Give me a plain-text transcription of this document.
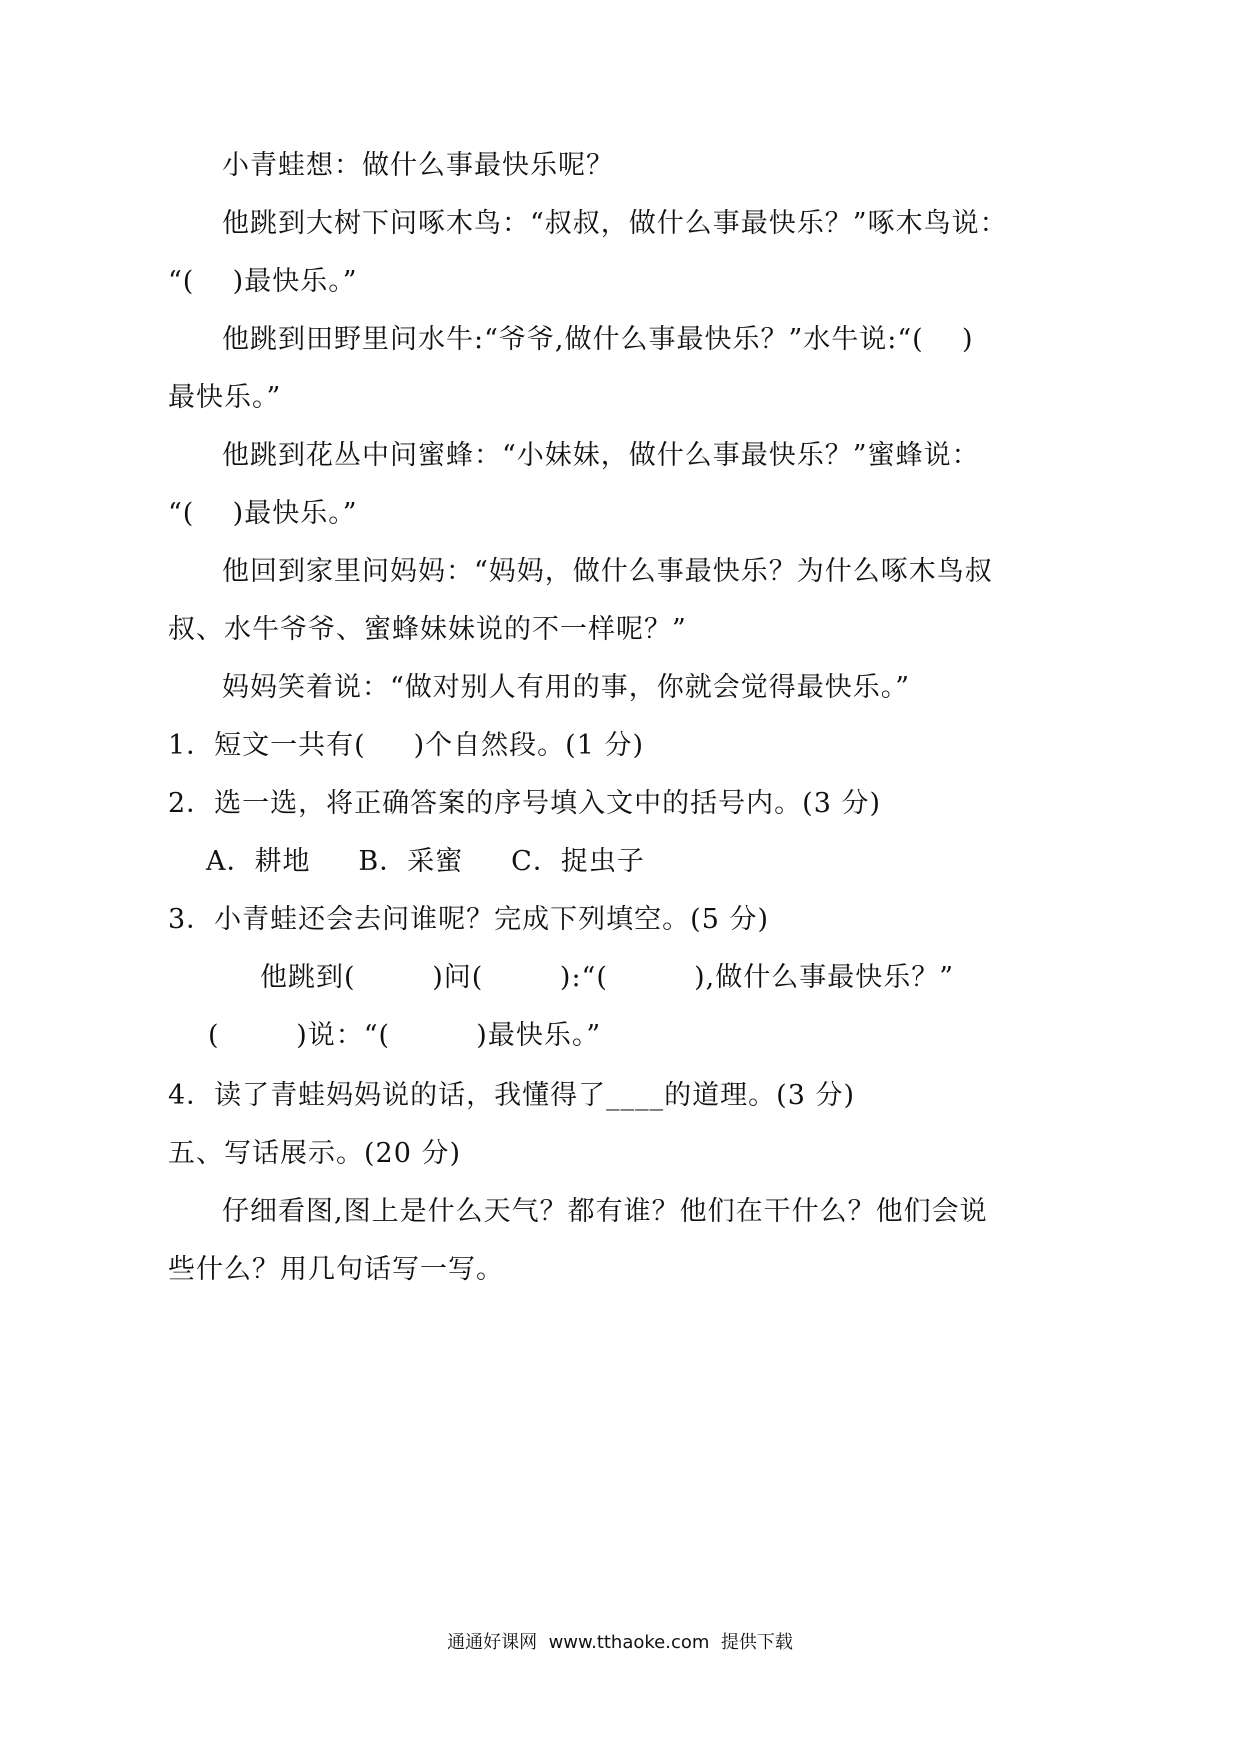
小青蛙想：做什么事最快乐呢？
他跳到大树下问啄木鸟：“叔叔，做什么事最快乐？”啄木鸟说：
“(    )最快乐。”
他跳到田野里问水牛:“爷爷,做什么事最快乐？”水牛说:“(    )
最快乐。”
他跳到花丛中问蜜蜂：“小妹妹，做什么事最快乐？”蜜蜂说：
“(    )最快乐。”
他回到家里问妈妈：“妈妈，做什么事最快乐？为什么啄木鸟叔
叔、水牛爷爷、蜜蜂妹妹说的不一样呢？”
妈妈笑着说：“做对别人有用的事，你就会觉得最快乐。”
1．短文一共有(     )个自然段。(1 分)
2．选一选，将正确答案的序号填入文中的括号内。(3 分)
A．耕地     B．采蜜     C．捉虫子
3．小青蛙还会去问谁呢？完成下列填空。(5 分)
他跳到(        )问(        ):“(         ),做什么事最快乐？”
(        )说：“(         )最快乐。”
4．读了青蛙妈妈说的话，我懂得了____的道理。(3 分)
五、写话展示。(20 分)
仔细看图,图上是什么天气？都有谁？他们在干什么？他们会说
些什么？用几句话写一写。
通通好课网  www.tthaoke.com  提供下载
